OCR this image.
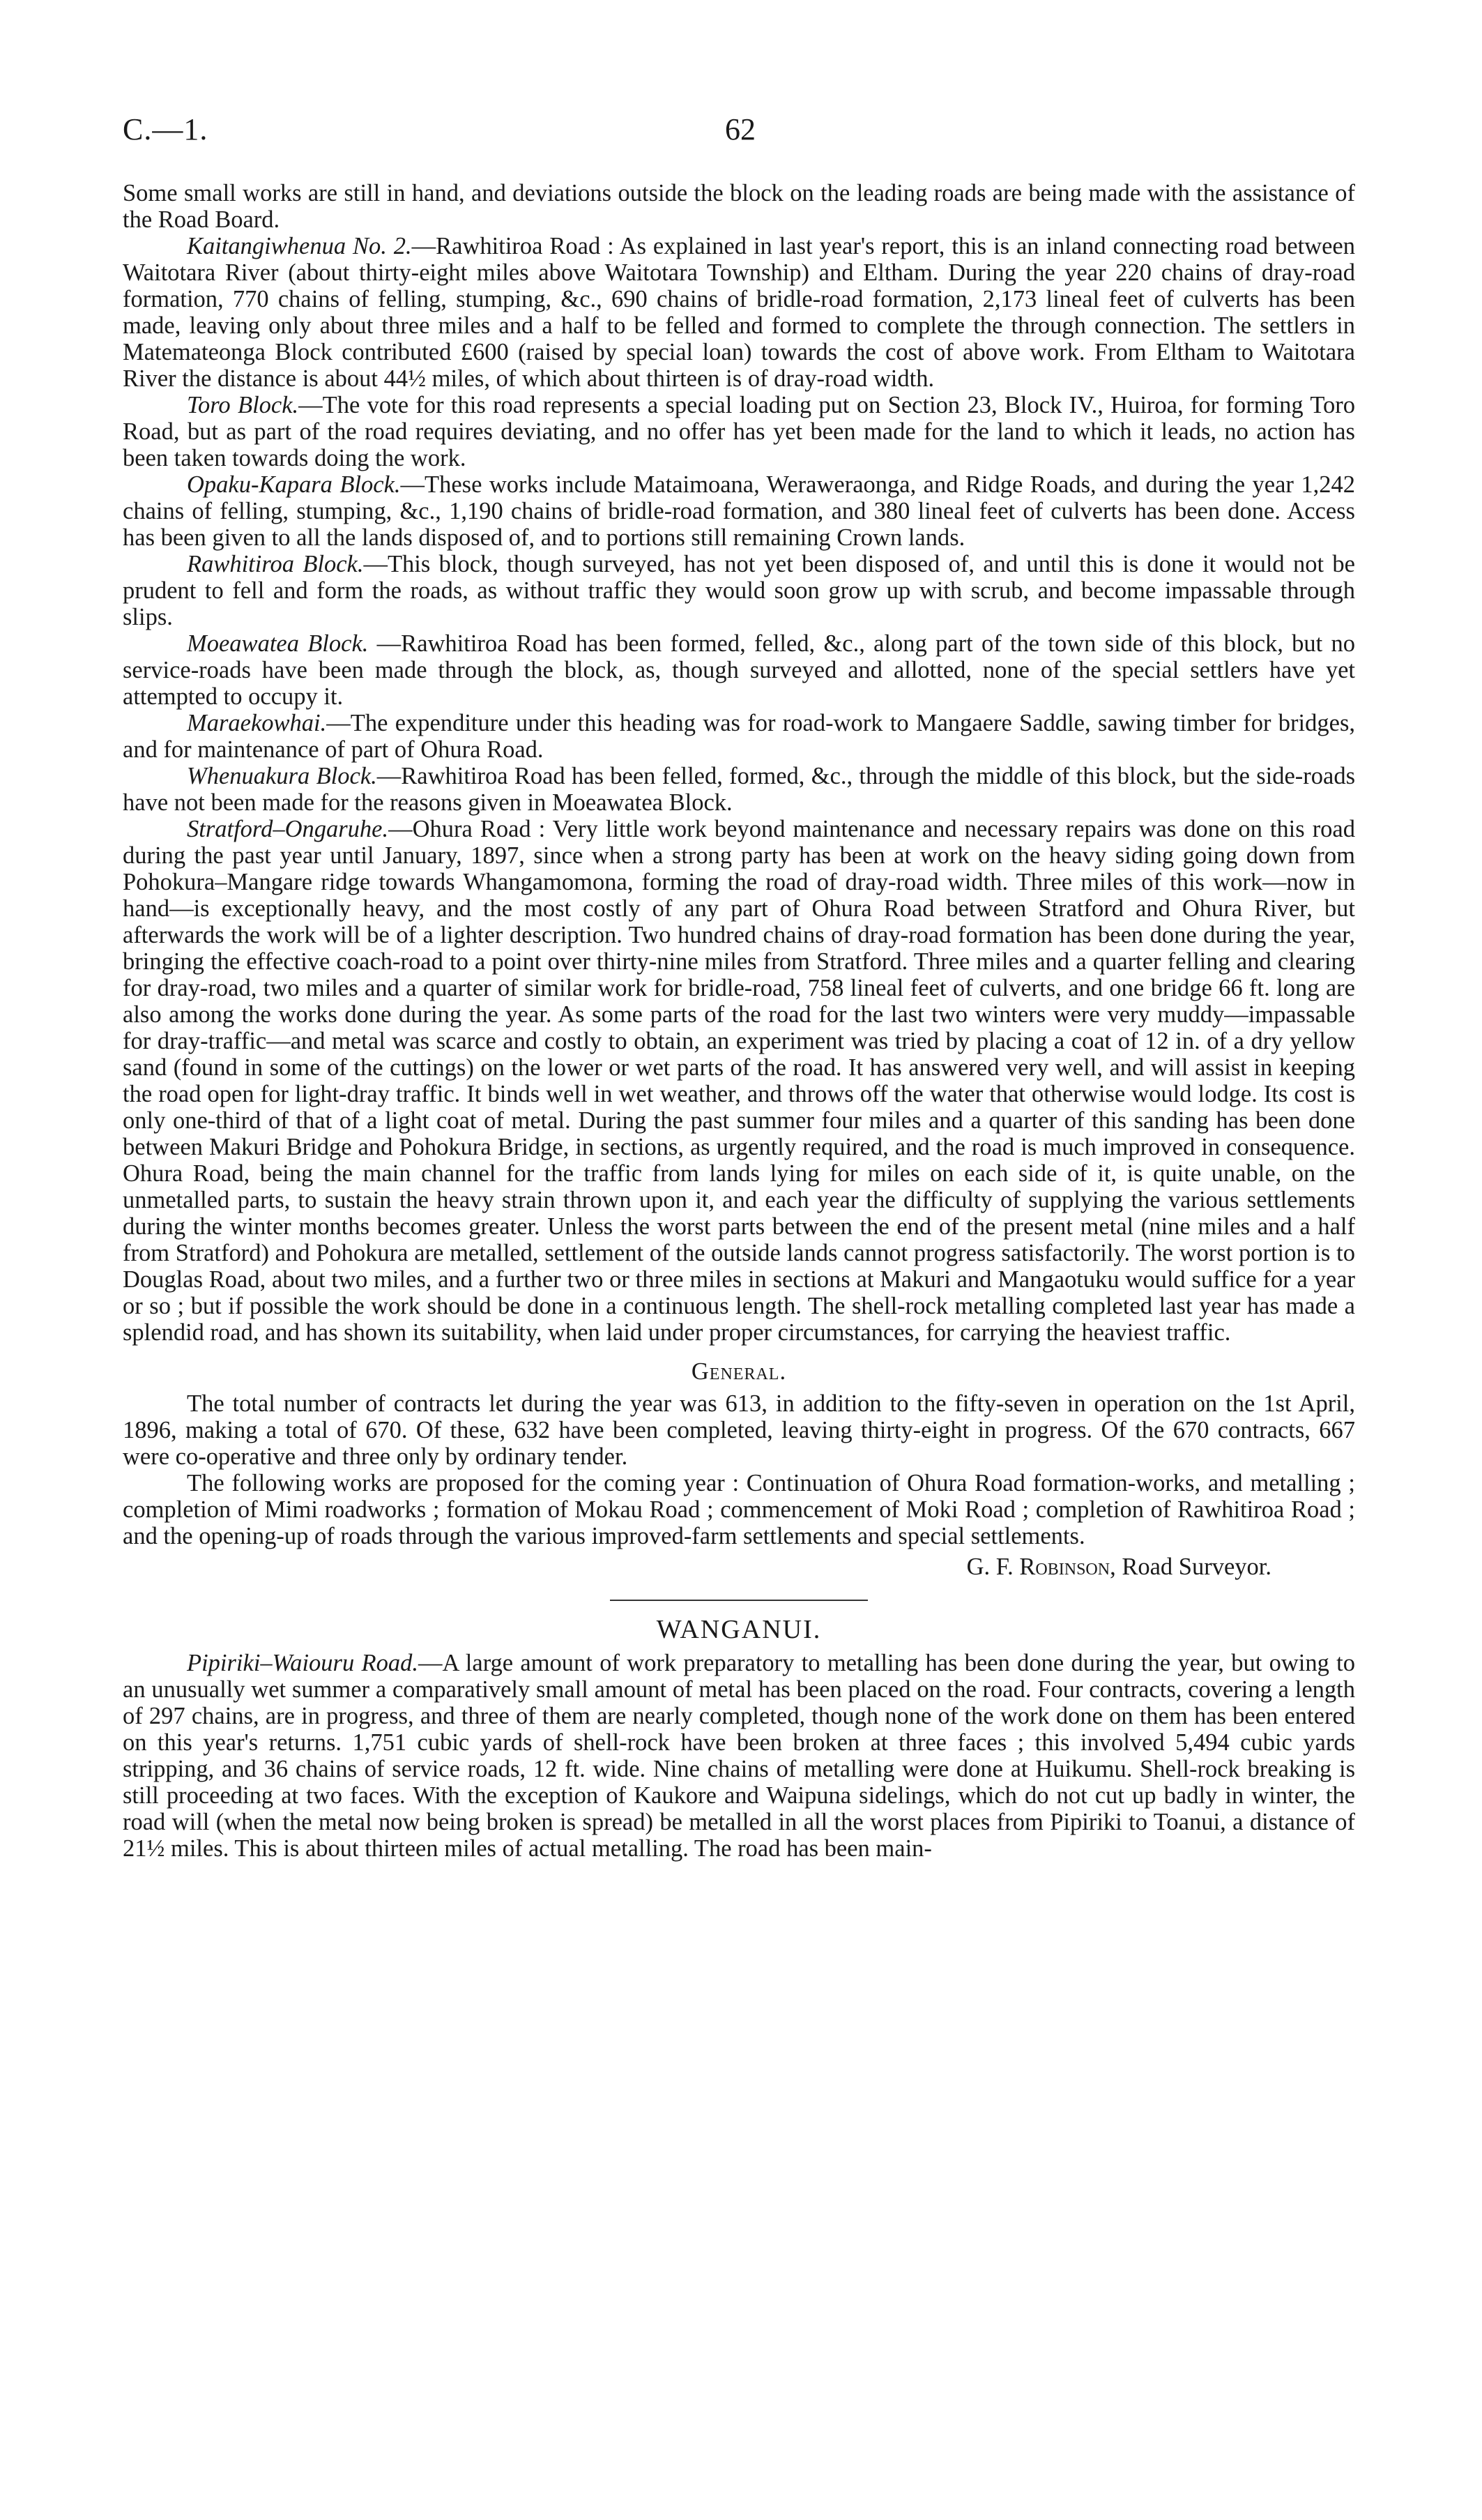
C.—1.	62

Some small works are still in hand, and deviations outside the block on the leading roads are being made with the assistance of the Road Board.

Kaitangiwhenua No. 2.—Rawhitiroa Road : As explained in last year's report, this is an inland connecting road between Waitotara River (about thirty-eight miles above Waitotara Township) and Eltham. During the year 220 chains of dray-road formation, 770 chains of felling, stumping, &c., 690 chains of bridle-road formation, 2,173 lineal feet of culverts has been made, leaving only about three miles and a half to be felled and formed to complete the through connection. The settlers in Matemateonga Block contributed £600 (raised by special loan) towards the cost of above work. From Eltham to Waitotara River the distance is about 44½ miles, of which about thirteen is of dray-road width.

Toro Block.—The vote for this road represents a special loading put on Section 23, Block IV., Huiroa, for forming Toro Road, but as part of the road requires deviating, and no offer has yet been made for the land to which it leads, no action has been taken towards doing the work.

Opaku-Kapara Block.—These works include Mataimoana, Weraweraonga, and Ridge Roads, and during the year 1,242 chains of felling, stumping, &c., 1,190 chains of bridle-road formation, and 380 lineal feet of culverts has been done. Access has been given to all the lands disposed of, and to portions still remaining Crown lands.

Rawhitiroa Block.—This block, though surveyed, has not yet been disposed of, and until this is done it would not be prudent to fell and form the roads, as without traffic they would soon grow up with scrub, and become impassable through slips.

Moeawatea Block. —Rawhitiroa Road has been formed, felled, &c., along part of the town side of this block, but no service-roads have been made through the block, as, though surveyed and allotted, none of the special settlers have yet attempted to occupy it.

Maraekowhai.—The expenditure under this heading was for road-work to Mangaere Saddle, sawing timber for bridges, and for maintenance of part of Ohura Road.

Whenuakura Block.—Rawhitiroa Road has been felled, formed, &c., through the middle of this block, but the side-roads have not been made for the reasons given in Moeawatea Block.

Stratford–Ongaruhe.—Ohura Road : Very little work beyond maintenance and necessary repairs was done on this road during the past year until January, 1897, since when a strong party has been at work on the heavy siding going down from Pohokura–Mangare ridge towards Whangamomona, forming the road of dray-road width. Three miles of this work—now in hand—is exceptionally heavy, and the most costly of any part of Ohura Road between Stratford and Ohura River, but afterwards the work will be of a lighter description. Two hundred chains of dray-road formation has been done during the year, bringing the effective coach-road to a point over thirty-nine miles from Stratford. Three miles and a quarter felling and clearing for dray-road, two miles and a quarter of similar work for bridle-road, 758 lineal feet of culverts, and one bridge 66 ft. long are also among the works done during the year. As some parts of the road for the last two winters were very muddy—impassable for dray-traffic—and metal was scarce and costly to obtain, an experiment was tried by placing a coat of 12 in. of a dry yellow sand (found in some of the cuttings) on the lower or wet parts of the road. It has answered very well, and will assist in keeping the road open for light-dray traffic. It binds well in wet weather, and throws off the water that otherwise would lodge. Its cost is only one-third of that of a light coat of metal. During the past summer four miles and a quarter of this sanding has been done between Makuri Bridge and Pohokura Bridge, in sections, as urgently required, and the road is much improved in consequence. Ohura Road, being the main channel for the traffic from lands lying for miles on each side of it, is quite unable, on the unmetalled parts, to sustain the heavy strain thrown upon it, and each year the difficulty of supplying the various settlements during the winter months becomes greater. Unless the worst parts between the end of the present metal (nine miles and a half from Stratford) and Pohokura are metalled, settlement of the outside lands cannot progress satisfactorily. The worst portion is to Douglas Road, about two miles, and a further two or three miles in sections at Makuri and Mangaotuku would suffice for a year or so ; but if possible the work should be done in a continuous length. The shell-rock metalling completed last year has made a splendid road, and has shown its suitability, when laid under proper circumstances, for carrying the heaviest traffic.

General.

The total number of contracts let during the year was 613, in addition to the fifty-seven in operation on the 1st April, 1896, making a total of 670. Of these, 632 have been completed, leaving thirty-eight in progress. Of the 670 contracts, 667 were co-operative and three only by ordinary tender.

The following works are proposed for the coming year : Continuation of Ohura Road formation-works, and metalling ; completion of Mimi roadworks ; formation of Mokau Road ; commencement of Moki Road ; completion of Rawhitiroa Road ; and the opening-up of roads through the various improved-farm settlements and special settlements.

G. F. Robinson, Road Surveyor.
WANGANUI.

Pipiriki–Waiouru Road.—A large amount of work preparatory to metalling has been done during the year, but owing to an unusually wet summer a comparatively small amount of metal has been placed on the road. Four contracts, covering a length of 297 chains, are in progress, and three of them are nearly completed, though none of the work done on them has been entered on this year's returns. 1,751 cubic yards of shell-rock have been broken at three faces ; this involved 5,494 cubic yards stripping, and 36 chains of service roads, 12 ft. wide. Nine chains of metalling were done at Huikumu. Shell-rock breaking is still proceeding at two faces. With the exception of Kaukore and Waipuna sidelings, which do not cut up badly in winter, the road will (when the metal now being broken is spread) be metalled in all the worst places from Pipiriki to Toanui, a distance of 21½ miles. This is about thirteen miles of actual metalling. The road has been main-
